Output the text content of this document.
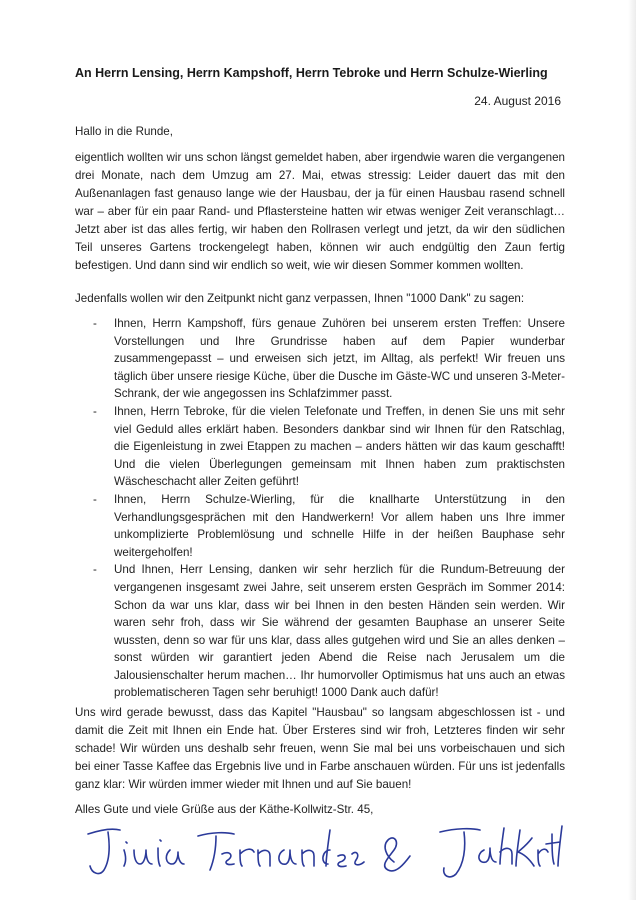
An Herrn Lensing, Herrn Kampshoff, Herrn Tebroke und Herrn Schulze-Wierling
24. August 2016

Hallo in die Runde,

eigentlich wollten wir uns schon längst gemeldet haben, aber irgendwie waren die vergangenen drei Monate, nach dem Umzug am 27. Mai, etwas stressig: Leider dauert das mit den Außenanlagen fast genauso lange wie der Hausbau, der ja für einen Hausbau rasend schnell war – aber für ein paar Rand- und Pflastersteine hatten wir etwas weniger Zeit veranschlagt… Jetzt aber ist das alles fertig, wir haben den Rollrasen verlegt und jetzt, da wir den südlichen Teil unseres Gartens trockengelegt haben, können wir auch endgültig den Zaun fertig befestigen. Und dann sind wir endlich so weit, wie wir diesen Sommer kommen wollten.

Jedenfalls wollen wir den Zeitpunkt nicht ganz verpassen, Ihnen "1000 Dank" zu sagen:

- Ihnen, Herrn Kampshoff, fürs genaue Zuhören bei unserem ersten Treffen: Unsere Vorstellungen und Ihre Grundrisse haben auf dem Papier wunderbar zusammengepasst – und erweisen sich jetzt, im Alltag, als perfekt! Wir freuen uns täglich über unsere riesige Küche, über die Dusche im Gäste-WC und unseren 3-Meter-Schrank, der wie angegossen ins Schlafzimmer passt.
- Ihnen, Herrn Tebroke, für die vielen Telefonate und Treffen, in denen Sie uns mit sehr viel Geduld alles erklärt haben. Besonders dankbar sind wir Ihnen für den Ratschlag, die Eigenleistung in zwei Etappen zu machen – anders hätten wir das kaum geschafft! Und die vielen Überlegungen gemeinsam mit Ihnen haben zum praktischsten Wäscheschacht aller Zeiten geführt!
- Ihnen, Herrn Schulze-Wierling, für die knallharte Unterstützung in den Verhandlungsgesprächen mit den Handwerkern! Vor allem haben uns Ihre immer unkomplizierte Problemlösung und schnelle Hilfe in der heißen Bauphase sehr weitergeholfen!
- Und Ihnen, Herr Lensing, danken wir sehr herzlich für die Rundum-Betreuung der vergangenen insgesamt zwei Jahre, seit unserem ersten Gespräch im Sommer 2014: Schon da war uns klar, dass wir bei Ihnen in den besten Händen sein werden. Wir waren sehr froh, dass wir Sie während der gesamten Bauphase an unserer Seite wussten, denn so war für uns klar, dass alles gutgehen wird und Sie an alles denken – sonst würden wir garantiert jeden Abend die Reise nach Jerusalem um die Jalousienschalter herum machen… Ihr humorvoller Optimismus hat uns auch an etwas problematischeren Tagen sehr beruhigt! 1000 Dank auch dafür!

Uns wird gerade bewusst, dass das Kapitel "Hausbau" so langsam abgeschlossen ist - und damit die Zeit mit Ihnen ein Ende hat. Über Ersteres sind wir froh, Letzteres finden wir sehr schade! Wir würden uns deshalb sehr freuen, wenn Sie mal bei uns vorbeischauen und sich bei einer Tasse Kaffee das Ergebnis live und in Farbe anschauen würden. Für uns ist jedenfalls ganz klar: Wir würden immer wieder mit Ihnen und auf Sie bauen!

Alles Gute und viele Grüße aus der Käthe-Kollwitz-Str. 45,
